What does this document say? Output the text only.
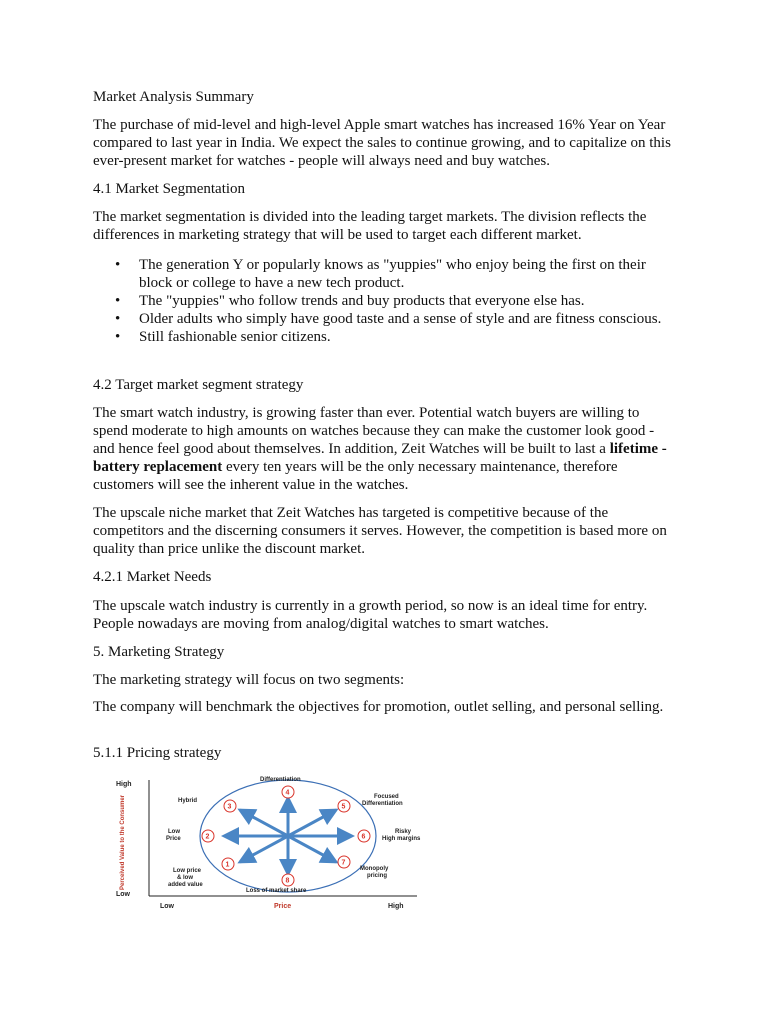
Market Analysis Summary

The purchase of mid-level and high-level Apple smart watches has increased 16% Year on Year compared to last year in India. We expect the sales to continue growing, and to capitalize on this ever-present market for watches - people will always need and buy watches.

4.1 Market Segmentation

The market segmentation is divided into the leading target markets. The division reflects the differences in marketing strategy that will be used to target each different market.

• The generation Y or popularly knows as "yuppies" who enjoy being the first on their block or college to have a new tech product.
• The "yuppies" who follow trends and buy products that everyone else has.
• Older adults who simply have good taste and a sense of style and are fitness conscious.
• Still fashionable senior citizens.

4.2 Target market segment strategy

The smart watch industry, is growing faster than ever. Potential watch buyers are willing to spend moderate to high amounts on watches because they can make the customer look good - and hence feel good about themselves. In addition, Zeit Watches will be built to last a lifetime - battery replacement every ten years will be the only necessary maintenance, therefore customers will see the inherent value in the watches.

The upscale niche market that Zeit Watches has targeted is competitive because of the competitors and the discerning consumers it serves. However, the competition is based more on quality than price unlike the discount market.

4.2.1 Market Needs

The upscale watch industry is currently in a growth period, so now is an ideal time for entry. People nowadays are moving from analog/digital watches to smart watches.

5. Marketing Strategy

The marketing strategy will focus on two segments:

The company will benchmark the objectives for promotion, outlet selling, and personal selling.

5.1.1 Pricing strategy

High
Low
Perceived Value to the Consumer
Low	Price	High
4
8
2	6
3	5
1	7
Differentiation
Loss of market share
Hybrid
Low
Price
Low price
& low
added value
Focused
Differentiation
Risky
High margins
Monopoly
pricing
